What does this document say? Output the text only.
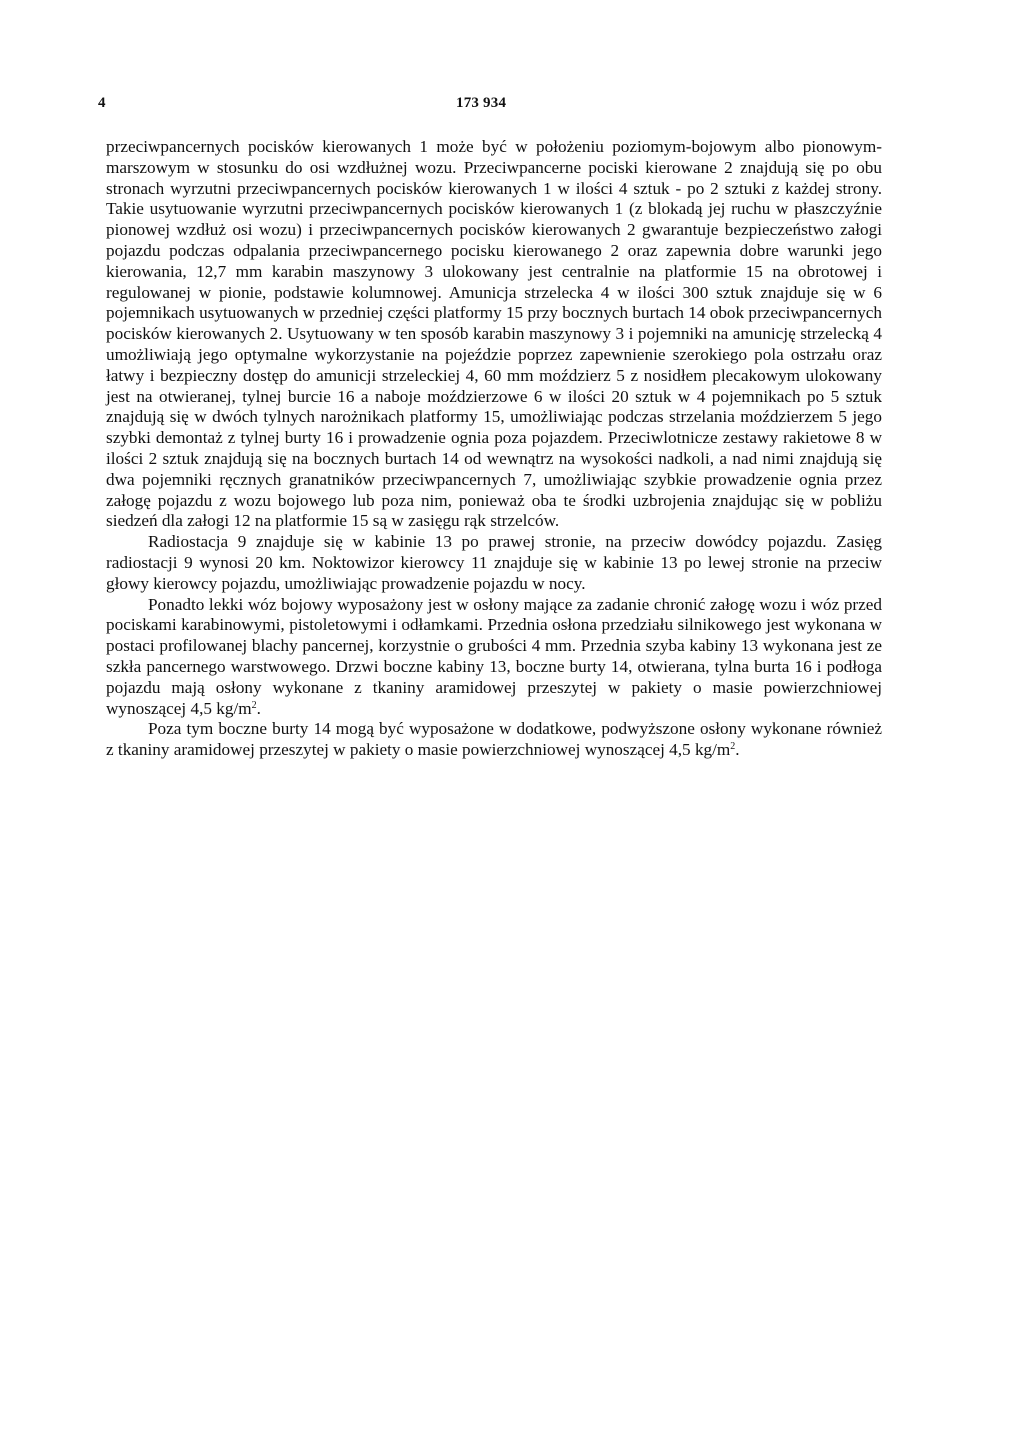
4	173 934

przeciwpancernych pocisków kierowanych 1 może być w położeniu poziomym-bojowym albo pionowym-marszowym w stosunku do osi wzdłużnej wozu. Przeciwpancerne pociski kierowane 2 znajdują się po obu stronach wyrzutni przeciwpancernych pocisków kierowanych 1 w ilości 4 sztuk - po 2 sztuki z każdej strony. Takie usytuowanie wyrzutni przeciwpancernych pocisków kierowanych 1 (z blokadą jej ruchu w płaszczyźnie pionowej wzdłuż osi wozu) i przeciwpancernych pocisków kierowanych 2 gwarantuje bezpieczeństwo załogi pojazdu podczas odpalania przeciwpancernego pocisku kierowanego 2 oraz zapewnia dobre warunki jego kierowania, 12,7 mm karabin maszynowy 3 ulokowany jest centralnie na platformie 15 na obrotowej i regulowanej w pionie, podstawie kolumnowej. Amunicja strzelecka 4 w ilości 300 sztuk znajduje się w 6 pojemnikach usytuowanych w przedniej części platformy 15 przy bocznych burtach 14 obok przeciwpancernych pocisków kierowanych 2. Usytuowany w ten sposób karabin maszynowy 3 i pojemniki na amunicję strzelecką 4 umożliwiają jego optymalne wykorzystanie na pojeździe poprzez zapewnienie szerokiego pola ostrzału oraz łatwy i bezpieczny dostęp do amunicji strzeleckiej 4, 60 mm moździerz 5 z nosidłem plecakowym ulokowany jest na otwieranej, tylnej burcie 16 a naboje moździerzowe 6 w ilości 20 sztuk w 4 pojemnikach po 5 sztuk znajdują się w dwóch tylnych narożnikach platformy 15, umożliwiając podczas strzelania moździerzem 5 jego szybki demontaż z tylnej burty 16 i prowadzenie ognia poza pojazdem. Przeciwlotnicze zestawy rakietowe 8 w ilości 2 sztuk znajdują się na bocznych burtach 14 od wewnątrz na wysokości nadkoli, a nad nimi znajdują się dwa pojemniki ręcznych granatników przeciwpancernych 7, umożliwiając szybkie prowadzenie ognia przez załogę pojazdu z wozu bojowego lub poza nim, ponieważ oba te środki uzbrojenia znajdując się w pobliżu siedzeń dla załogi 12 na platformie 15 są w zasięgu rąk strzelców.

Radiostacja 9 znajduje się w kabinie 13 po prawej stronie, na przeciw dowódcy pojazdu. Zasięg radiostacji 9 wynosi 20 km. Noktowizor kierowcy 11 znajduje się w kabinie 13 po lewej stronie na przeciw głowy kierowcy pojazdu, umożliwiając prowadzenie pojazdu w nocy.

Ponadto lekki wóz bojowy wyposażony jest w osłony mające za zadanie chronić załogę wozu i wóz przed pociskami karabinowymi, pistoletowymi i odłamkami. Przednia osłona przedziału silnikowego jest wykonana w postaci profilowanej blachy pancernej, korzystnie o grubości 4 mm. Przednia szyba kabiny 13 wykonana jest ze szkła pancernego warstwowego. Drzwi boczne kabiny 13, boczne burty 14, otwierana, tylna burta 16 i podłoga pojazdu mają osłony wykonane z tkaniny aramidowej przeszytej w pakiety o masie powierzchniowej wynoszącej 4,5 $kg/m^2$.

Poza tym boczne burty 14 mogą być wyposażone w dodatkowe, podwyższone osłony wykonane również z tkaniny aramidowej przeszytej w pakiety o masie powierzchniowej wynoszącej 4,5 $kg/m^2$.
